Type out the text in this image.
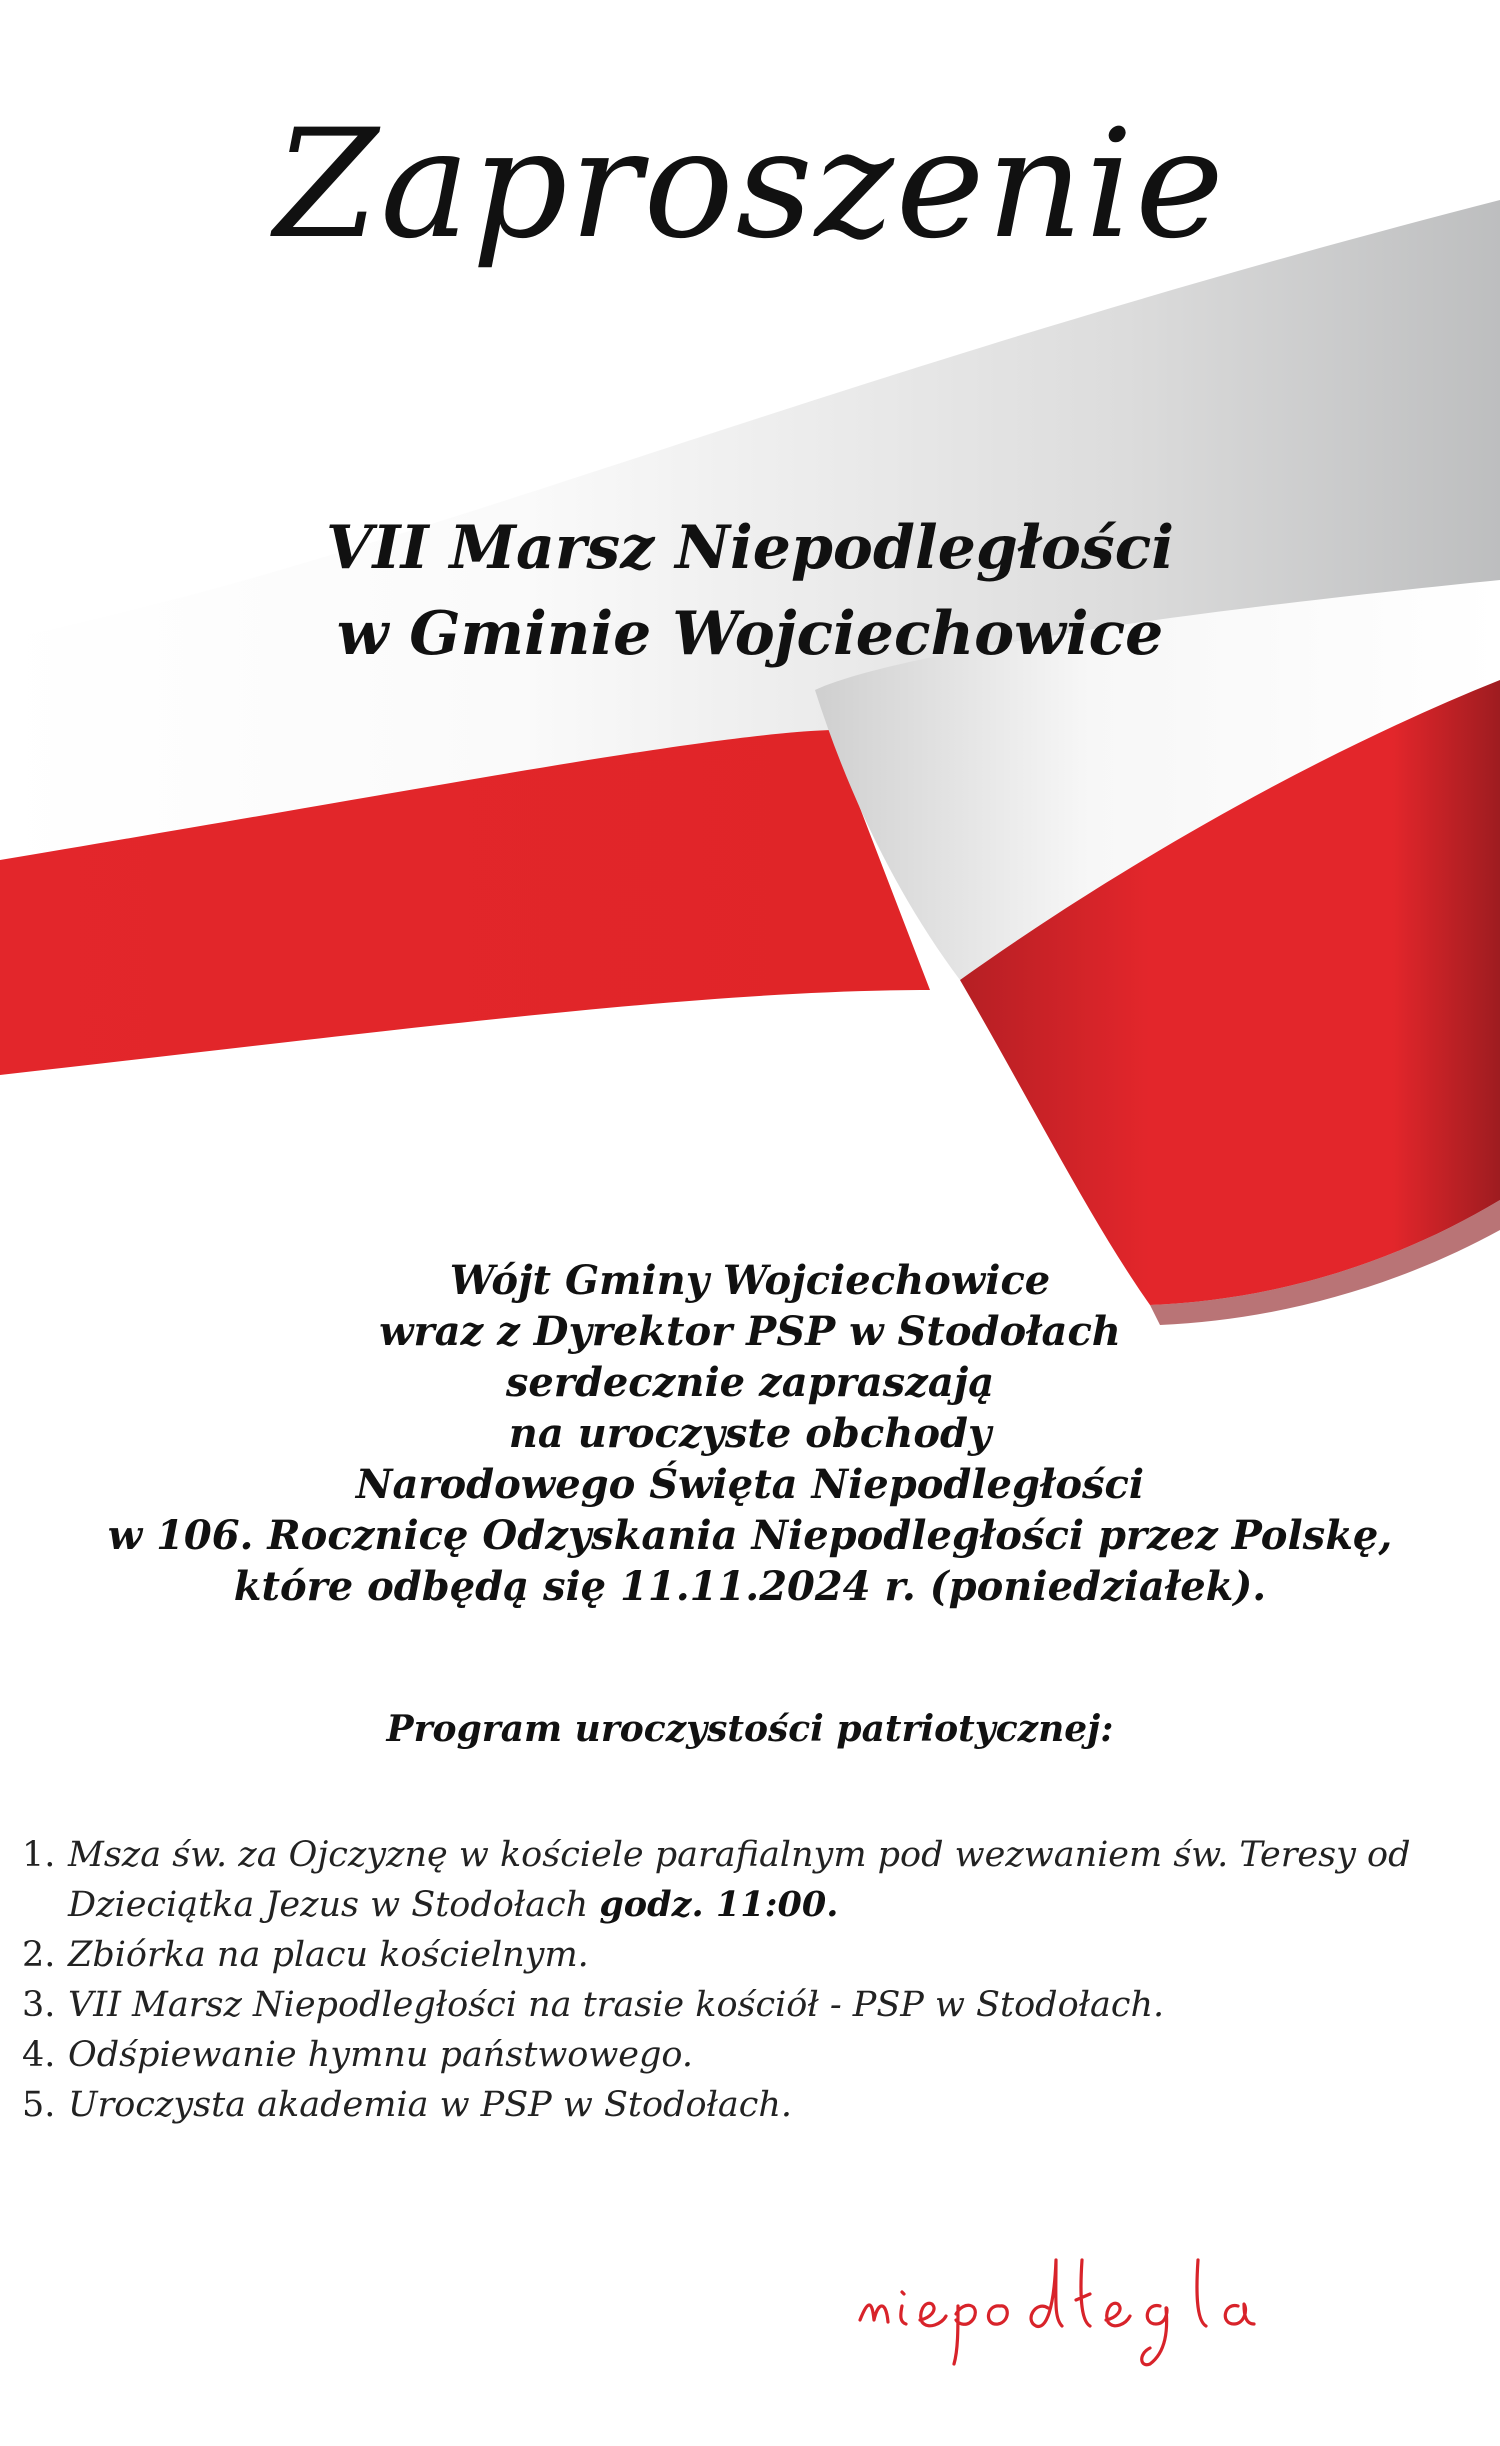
Zaproszenie
VII Marsz Niepodległości
w Gminie Wojciechowice
Wójt Gminy Wojciechowice
wraz z Dyrektor PSP w Stodołach
serdecznie zapraszają
na uroczyste obchody
Narodowego Święta Niepodległości
w 106. Rocznicę Odzyskania Niepodległości przez Polskę,
które odbędą się 11.11.2024 r. (poniedziałek).
Program uroczystości patriotycznej:
1. Msza św. za Ojczyznę w kościele parafialnym pod wezwaniem św. Teresy od Dzieciątka Jezus w Stodołach godz. 11:00.
2. Zbiórka na placu kościelnym.
3. VII Marsz Niepodległości na trasie kościół - PSP w Stodołach.
4. Odśpiewanie hymnu państwowego.
5. Uroczysta akademia w PSP w Stodołach.
